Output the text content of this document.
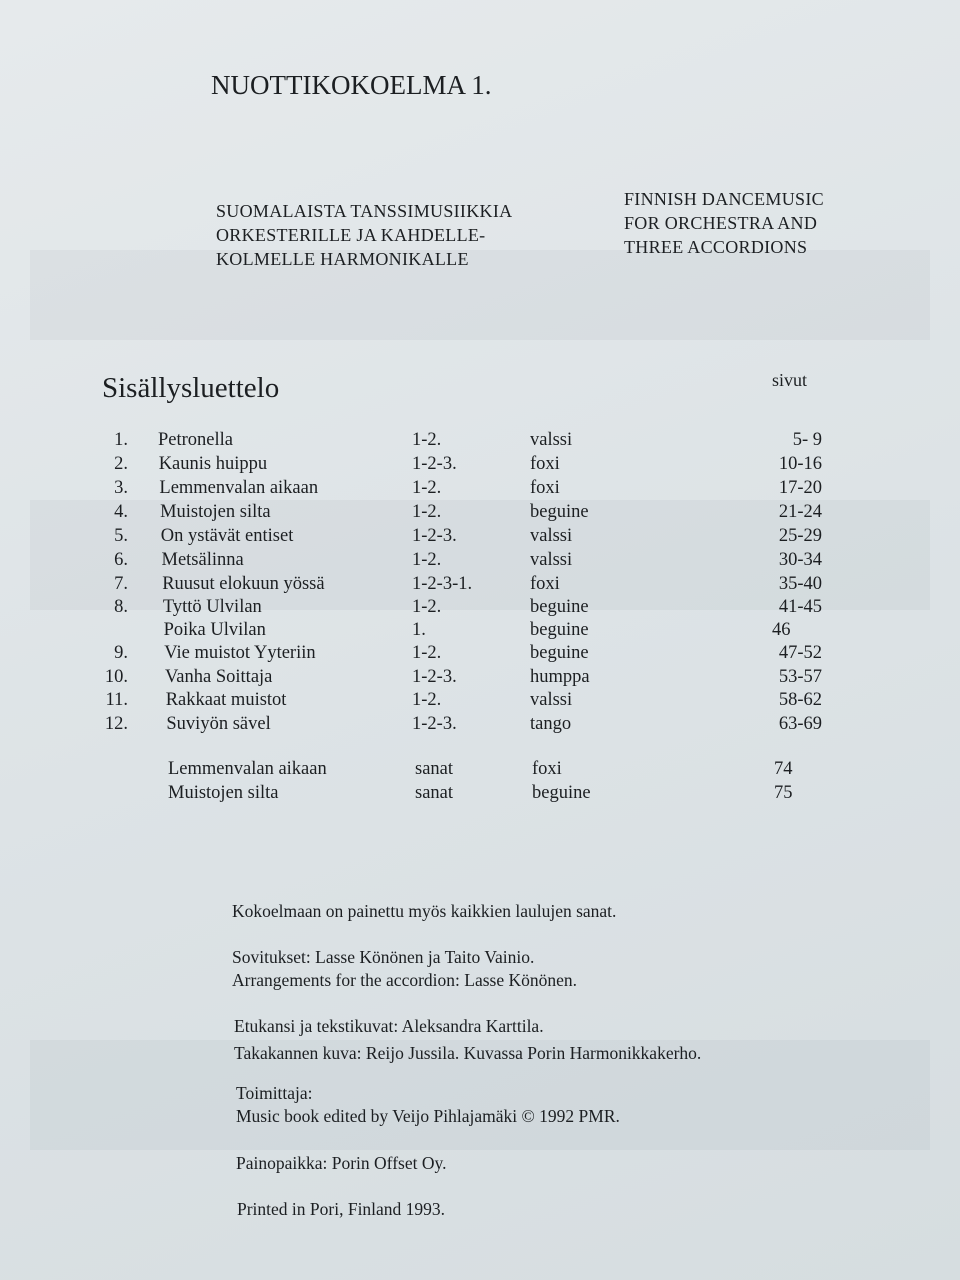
NUOTTIKOKOELMA 1.
SUOMALAISTA TANSSIMUSIIKKIA
ORKESTERILLE JA KAHDELLE-
KOLMELLE HARMONIKALLE
FINNISH DANCEMUSIC
FOR ORCHESTRA AND
THREE ACCORDIONS
Sisällysluettelo	sivut
1. Petronella	1-2.	valssi	5- 9
2. Kaunis huippu	1-2-3.	foxi	10-16
3. Lemmenvalan aikaan	1-2.	foxi	17-20
4. Muistojen silta	1-2.	beguine	21-24
5. On ystävät entiset	1-2-3.	valssi	25-29
6. Metsälinna	1-2.	valssi	30-34
7. Ruusut elokuun yössä	1-2-3-1.	foxi	35-40
8. Tyttö Ulvilan	1-2.	beguine	41-45
Poika Ulvilan	1.	beguine	46
9. Vie muistot Yyteriin	1-2.	beguine	47-52
10. Vanha Soittaja	1-2-3.	humppa	53-57
11. Rakkaat muistot	1-2.	valssi	58-62
12. Suviyön sävel	1-2-3.	tango	63-69
Lemmenvalan aikaan	sanat	foxi	74
Muistojen silta	sanat	beguine	75
Kokoelmaan on painettu myös kaikkien laulujen sanat.
Sovitukset: Lasse Könönen ja Taito Vainio.
Arrangements for the accordion: Lasse Könönen.
Etukansi ja tekstikuvat: Aleksandra Karttila.
Takakannen kuva: Reijo Jussila. Kuvassa Porin Harmonikkakerho.
Toimittaja:
Music book edited by Veijo Pihlajamäki © 1992 PMR.
Painopaikka: Porin Offset Oy.
Printed in Pori, Finland 1993.
